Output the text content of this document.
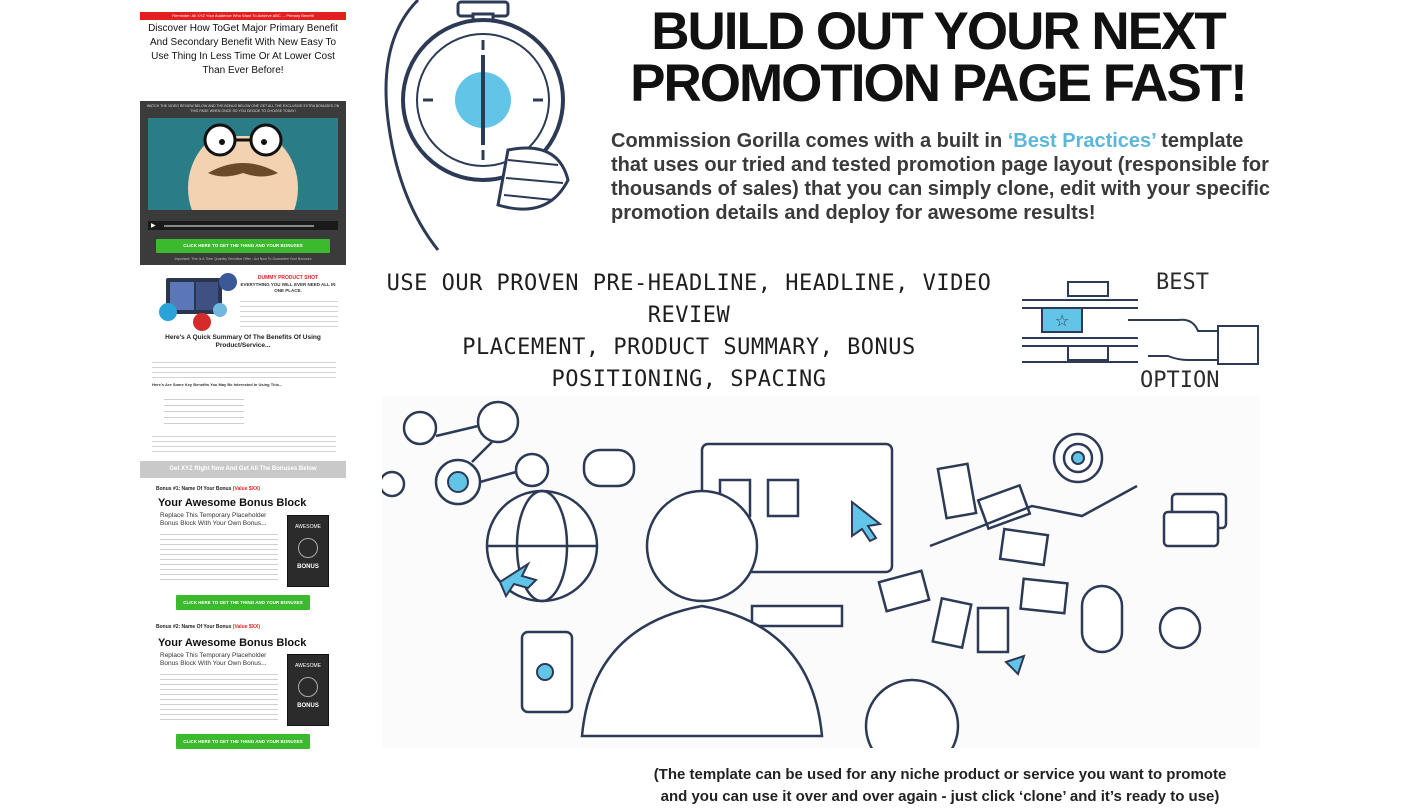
Reminder: All XYZ Your Audience Who Want To Achieve ABC ... Primary Benefit
Discover How ToGet Major Primary Benefit And Secondary Benefit With New Easy To Use Thing In Less Time Or At Lower Cost Than Ever Before!
WATCH THE VIDEO REVIEW BELOW AND THE BONUS BELOW ONE GET ALL THE EXCLUSIVE EXTRA BONUSES ON THIS PAGE WHEN ONCE SO YOU DECIDE TO CHOOSE TODAY!
▶
CLICK HERE TO GET THE THING AND YOUR BONUSES
Important: This Is A Time Quantity Sensitive Offer - Act Now To Guarantee Your Bonuses
DUMMY PRODUCT SHOT
EVERYTHING YOU WILL EVER NEED ALL IN ONE PLACE.
Here's A Quick Summary Of The Benefits Of Using Product/Service...
Here's Are Some Key Benefits You May Be Interested In Using This...
Get XYZ Right Now And Get All The Bonuses Below
Bonus #1: Name Of Your Bonus (Value $XX)
Your Awesome Bonus Block
Replace This Temporary Placeholder Bonus Block With Your Own Bonus...	AWESOME
BONUS
CLICK HERE TO GET THE THING AND YOUR BONUSES
Bonus #2: Name Of Your Bonus (Value $XX)
Your Awesome Bonus Block
Replace This Temporary Placeholder Bonus Block With Your Own Bonus...	AWESOME
BONUS
CLICK HERE TO GET THE THING AND YOUR BONUSES
BUILD OUT YOUR NEXT
PROMOTION PAGE FAST!
Commission Gorilla comes with a built in ‘Best Practices’ template that uses our tried and tested promotion page layout (responsible for thousands of sales) that you can simply clone, edit with your specific promotion details and deploy for awesome results!
USE OUR PROVEN PRE-HEADLINE, HEADLINE, VIDEO REVIEW
PLACEMENT, PRODUCT SUMMARY, BONUS POSITIONING, SPACING
☆
BEST
OPTION
(The template can be used for any niche product or service you want to promote
and you can use it over and over again - just click ‘clone’ and it’s ready to use)
